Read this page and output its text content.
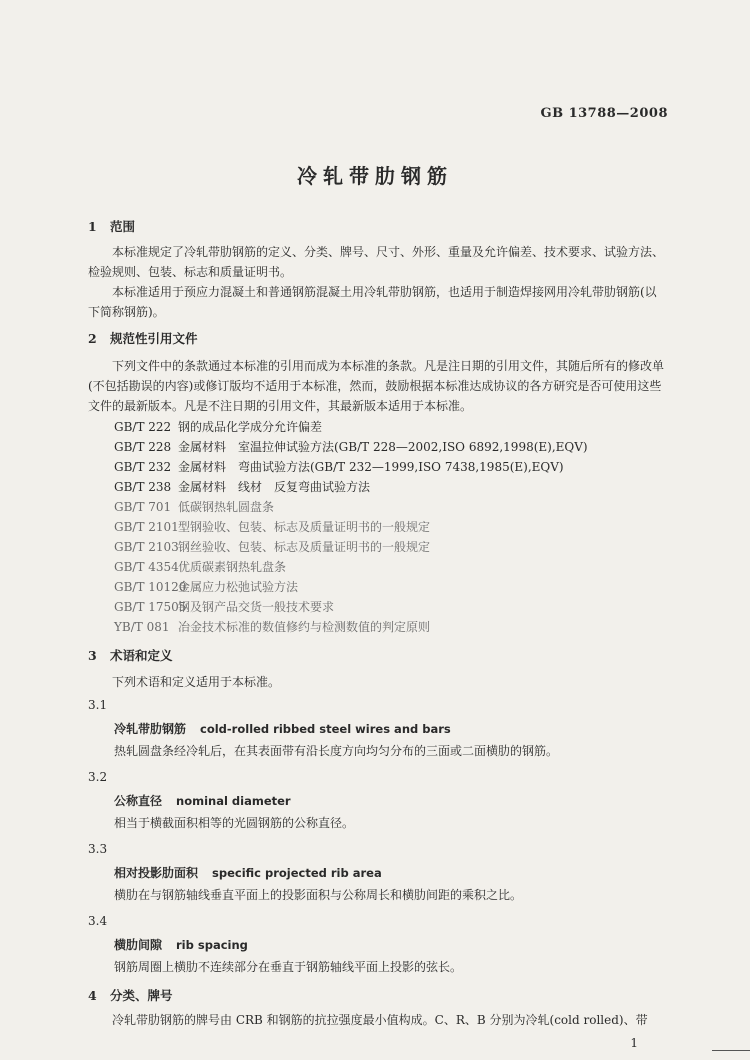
GB 13788—2008
冷轧带肋钢筋
1 范围
本标准规定了冷轧带肋钢筋的定义、分类、牌号、尺寸、外形、重量及允许偏差、技术要求、试验方法、检验规则、包装、标志和质量证明书。
本标准适用于预应力混凝土和普通钢筋混凝土用冷轧带肋钢筋，也适用于制造焊接网用冷轧带肋钢筋(以下简称钢筋)。
2 规范性引用文件
下列文件中的条款通过本标准的引用而成为本标准的条款。凡是注日期的引用文件，其随后所有的修改单(不包括勘误的内容)或修订版均不适用于本标准，然而，鼓励根据本标准达成协议的各方研究是否可使用这些文件的最新版本。凡是不注日期的引用文件，其最新版本适用于本标准。
GB/T 222 钢的成品化学成分允许偏差
GB/T 228 金属材料　室温拉伸试验方法(GB/T 228—2002,ISO 6892,1998(E),EQV)
GB/T 232 金属材料　弯曲试验方法(GB/T 232—1999,ISO 7438,1985(E),EQV)
GB/T 238 金属材料　线材　反复弯曲试验方法
GB/T 701 低碳钢热轧圆盘条
GB/T 2101型钢验收、包装、标志及质量证明书的一般规定
GB/T 2103钢丝验收、包装、标志及质量证明书的一般规定
GB/T 4354优质碳素钢热轧盘条
GB/T 10120金属应力松弛试验方法
GB/T 17505钢及钢产品交货一般技术要求
YB/T 081 冶金技术标准的数值修约与检测数值的判定原则
3 术语和定义
下列术语和定义适用于本标准。
3.1
冷轧带肋钢筋 cold-rolled ribbed steel wires and bars
热轧圆盘条经冷轧后，在其表面带有沿长度方向均匀分布的三面或二面横肋的钢筋。
3.2
公称直径 nominal diameter
相当于横截面积相等的光圆钢筋的公称直径。
3.3
相对投影肋面积 specific projected rib area
横肋在与钢筋轴线垂直平面上的投影面积与公称周长和横肋间距的乘积之比。
3.4
横肋间隙 rib spacing
钢筋周圈上横肋不连续部分在垂直于钢筋轴线平面上投影的弦长。
4 分类、牌号
冷轧带肋钢筋的牌号由 CRB 和钢筋的抗拉强度最小值构成。C、R、B 分别为冷轧(cold rolled)、带
1
